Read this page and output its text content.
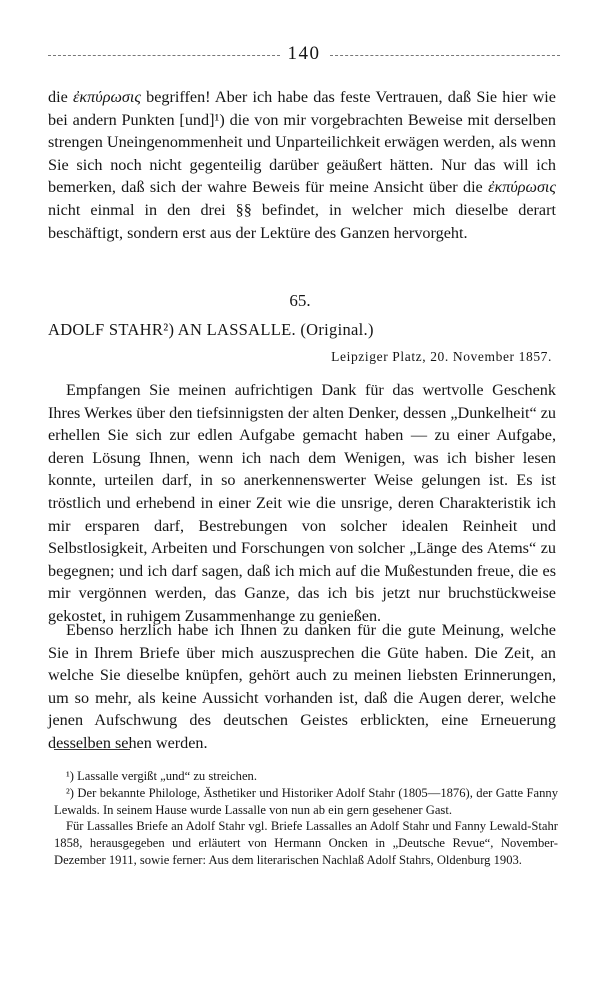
140

die ἐκπύρωσις begriffen! Aber ich habe das feste Vertrauen, daß Sie hier wie bei andern Punkten [und]¹) die von mir vorgebrachten Beweise mit derselben strengen Uneingenommenheit und Unparteilichkeit erwägen werden, als wenn Sie sich noch nicht gegenteilig darüber geäußert hätten. Nur das will ich bemerken, daß sich der wahre Beweis für meine Ansicht über die ἐκπύρωσις nicht einmal in den drei §§ befindet, in welcher mich dieselbe derart beschäftigt, sondern erst aus der Lektüre des Ganzen hervorgeht.

65.
ADOLF STAHR²) AN LASSALLE. (Original.)
Leipziger Platz, 20. November 1857.

Empfangen Sie meinen aufrichtigen Dank für das wertvolle Geschenk Ihres Werkes über den tiefsinnigsten der alten Denker, dessen „Dunkelheit“ zu erhellen Sie sich zur edlen Aufgabe gemacht haben — zu einer Aufgabe, deren Lösung Ihnen, wenn ich nach dem Wenigen, was ich bisher lesen konnte, urteilen darf, in so anerkennenswerter Weise gelungen ist. Es ist tröstlich und erhebend in einer Zeit wie die unsrige, deren Charakteristik ich mir ersparen darf, Bestrebungen von solcher idealen Reinheit und Selbstlosigkeit, Arbeiten und Forschungen von solcher „Länge des Atems“ zu begegnen; und ich darf sagen, daß ich mich auf die Mußestunden freue, die es mir vergönnen werden, das Ganze, das ich bis jetzt nur bruchstückweise gekostet, in ruhigem Zusammenhange zu genießen.

Ebenso herzlich habe ich Ihnen zu danken für die gute Meinung, welche Sie in Ihrem Briefe über mich auszusprechen die Güte haben. Die Zeit, an welche Sie dieselbe knüpfen, gehört auch zu meinen liebsten Erinnerungen, um so mehr, als keine Aussicht vorhanden ist, daß die Augen derer, welche jenen Aufschwung des deutschen Geistes erblickten, eine Erneuerung desselben sehen werden.

¹) Lassalle vergißt „und“ zu streichen.

²) Der bekannte Philologe, Ästhetiker und Historiker Adolf Stahr (1805—1876), der Gatte Fanny Lewalds. In seinem Hause wurde Lassalle von nun ab ein gern gesehener Gast.

Für Lassalles Briefe an Adolf Stahr vgl. Briefe Lassalles an Adolf Stahr und Fanny Lewald-Stahr 1858, herausgegeben und erläutert von Hermann Oncken in „Deutsche Revue“, November-Dezember 1911, sowie ferner: Aus dem literarischen Nachlaß Adolf Stahrs, Oldenburg 1903.
